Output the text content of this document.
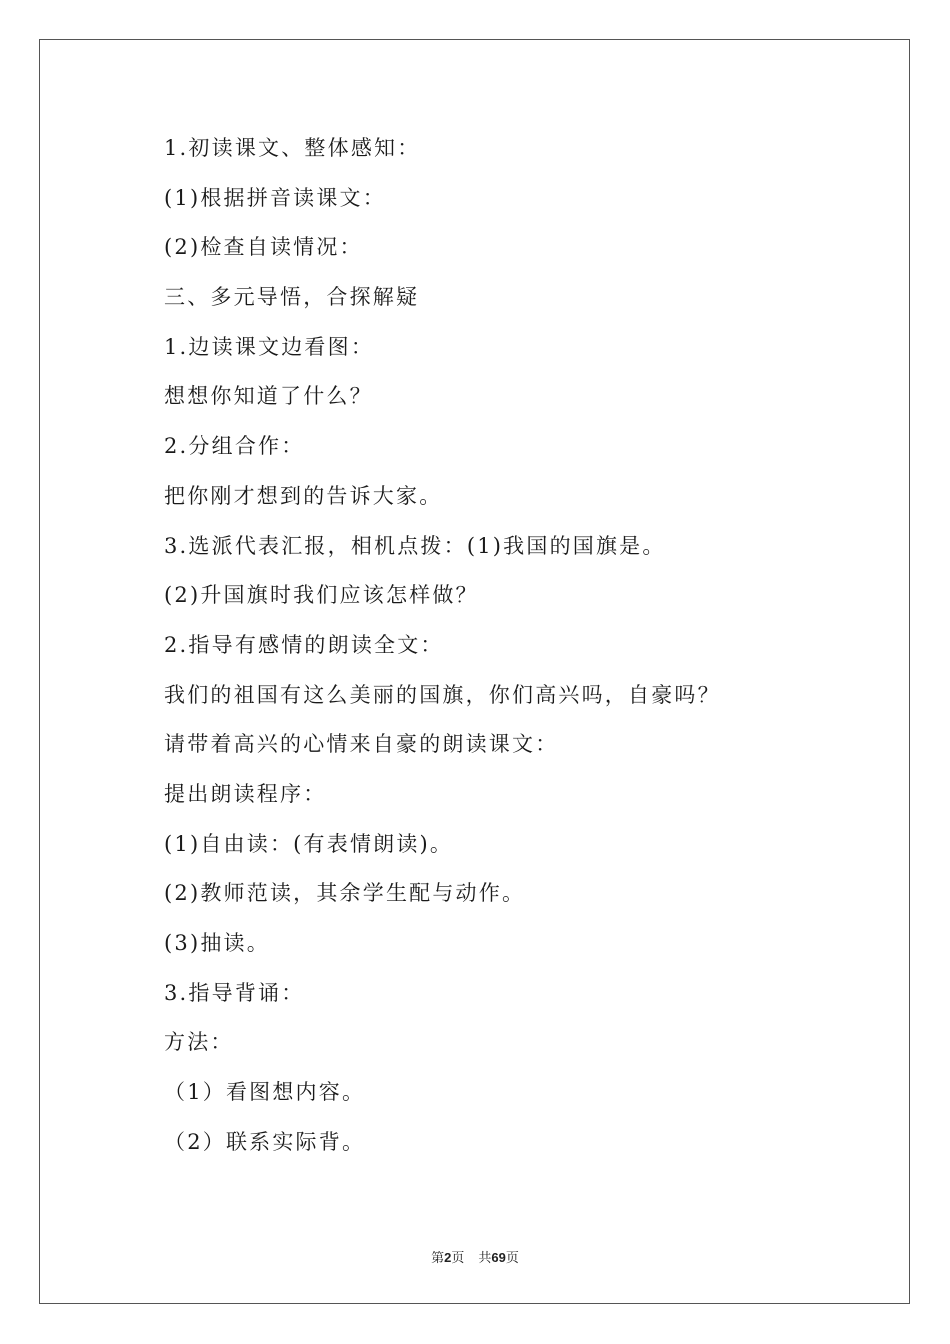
1.初读课文、整体感知：

(1)根据拼音读课文：

(2)检查自读情况：

三、多元导悟，合探解疑

1.边读课文边看图：

想想你知道了什么？

2.分组合作：

把你刚才想到的告诉大家。

3.选派代表汇报，相机点拨：(1)我国的国旗是。

(2)升国旗时我们应该怎样做？

2.指导有感情的朗读全文：

我们的祖国有这么美丽的国旗，你们高兴吗，自豪吗？

请带着高兴的心情来自豪的朗读课文：

提出朗读程序：

(1)自由读：(有表情朗读)。

(2)教师范读，其余学生配与动作。

(3)抽读。

3.指导背诵：

方法：

（1）看图想内容。

（2）联系实际背。

第2页 共69页
